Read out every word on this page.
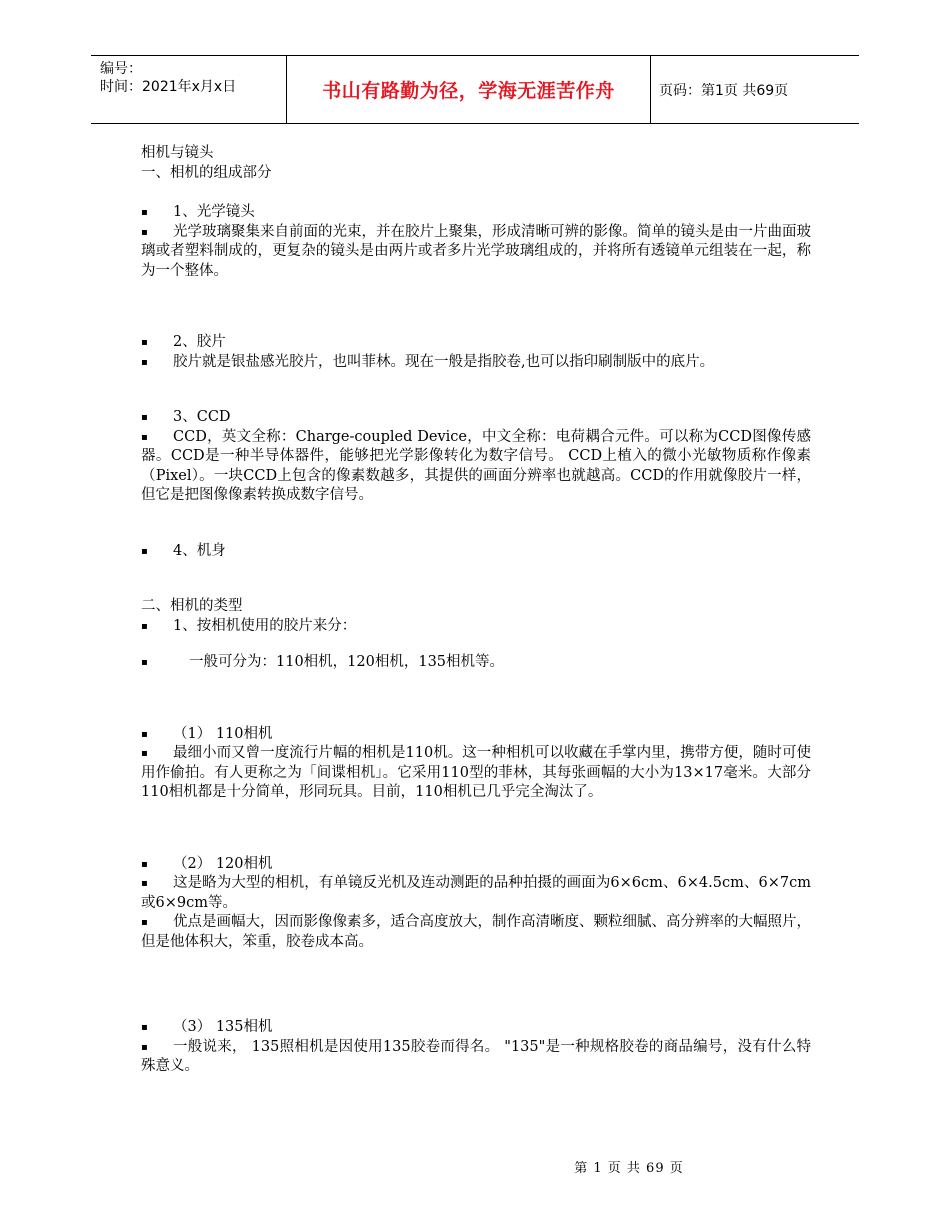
编号：
时间：2021年x月x日	书山有路勤为径，学海无涯苦作舟	页码：第1页 共69页

相机与镜头

一、相机的组成部分

▪ 1、光学镜头

▪ 光学玻璃聚集来自前面的光束，并在胶片上聚集，形成清晰可辨的影像。简单的镜头是由一片曲面玻璃或者塑料制成的，更复杂的镜头是由两片或者多片光学玻璃组成的，并将所有透镜单元组装在一起，称为一个整体。

▪ 2、胶片

▪ 胶片就是银盐感光胶片，也叫菲林。现在一般是指胶卷,也可以指印刷制版中的底片。

▪ 3、CCD

▪ CCD，英文全称：Charge-coupled Device，中文全称：电荷耦合元件。可以称为CCD图像传感器。CCD是一种半导体器件，能够把光学影像转化为数字信号。 CCD上植入的微小光敏物质称作像素（Pixel）。一块CCD上包含的像素数越多，其提供的画面分辨率也就越高。CCD的作用就像胶片一样，但它是把图像像素转换成数字信号。

▪ 4、机身

二、相机的类型

▪ 1、按相机使用的胶片来分：

▪ 一般可分为：110相机，120相机，135相机等。

▪ （1） 110相机

▪ 最细小而又曾一度流行片幅的相机是110机。这一种相机可以收藏在手掌内里，携带方便，随时可使用作偷拍。有人更称之为「间谍相机」。它采用110型的菲林，其每张画幅的大小为13×17毫米。大部分110相机都是十分简单，形同玩具。目前，110相机已几乎完全淘汰了。

▪ （2） 120相机

▪ 这是略为大型的相机，有单镜反光机及连动测距的品种拍摄的画面为6×6cm、6×4.5cm、6×7cm或6×9cm等。

▪ 优点是画幅大，因而影像像素多，适合高度放大，制作高清晰度、颗粒细腻、高分辨率的大幅照片，但是他体积大，笨重，胶卷成本高。

▪ （3） 135相机

▪ 一般说来， 135照相机是因使用135胶卷而得名。 "135"是一种规格胶卷的商品编号，没有什么特殊意义。

第 1 页 共 69 页
